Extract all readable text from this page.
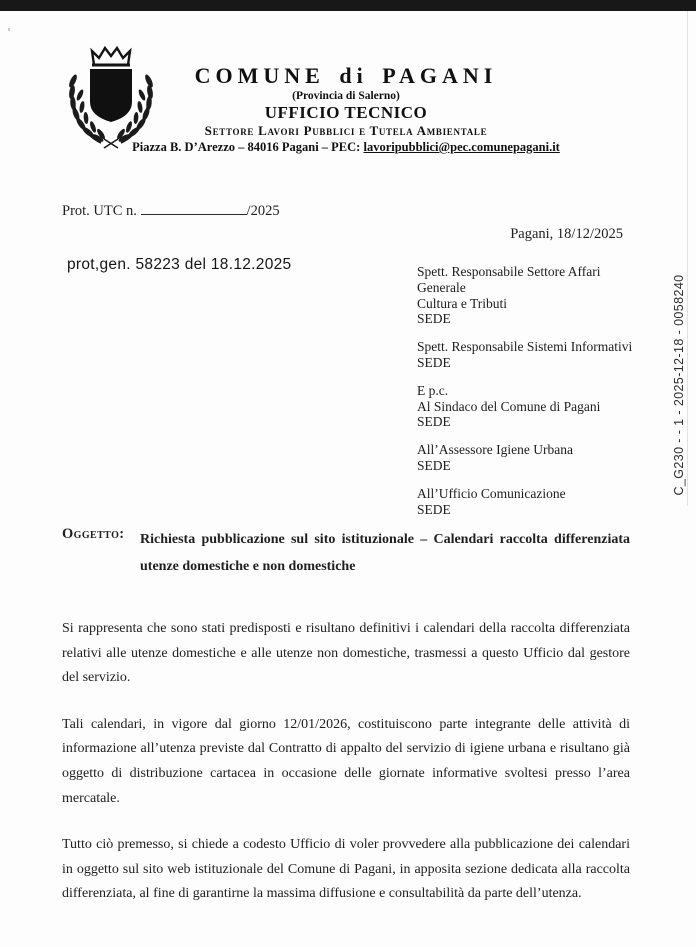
COMUNE di PAGANI
(Provincia di Salerno)
UFFICIO TECNICO
Settore Lavori Pubblici e Tutela Ambientale
Piazza B. D’Arezzo – 84016 Pagani – PEC: lavoripubblici@pec.comunepagani.it
Prot. UTC n.	/2025
Pagani, 18/12/2025
prot,gen. 58223 del 18.12.2025	Spett. Responsabile Settore Affari Generale
Cultura e Tributi
SEDE
Spett. Responsabile Sistemi Informativi
SEDE
E p.c.
Al Sindaco del Comune di Pagani
SEDE
All’Assessore Igiene Urbana
SEDE
All’Ufficio Comunicazione
SEDE
C_G230 - - 1 - 2025-12-18 - 0058240
Oggetto: Richiesta pubblicazione sul sito istituzionale – Calendari raccolta differenziata utenze domestiche e non domestiche

Si rappresenta che sono stati predisposti e risultano definitivi i calendari della raccolta differenziata relativi alle utenze domestiche e alle utenze non domestiche, trasmessi a questo Ufficio dal gestore del servizio.

Tali calendari, in vigore dal giorno 12/01/2026, costituiscono parte integrante delle attività di informazione all’utenza previste dal Contratto di appalto del servizio di igiene urbana e risultano già oggetto di distribuzione cartacea in occasione delle giornate informative svoltesi presso l’area mercatale.

Tutto ciò premesso, si chiede a codesto Ufficio di voler provvedere alla pubblicazione dei calendari in oggetto sul sito web istituzionale del Comune di Pagani, in apposita sezione dedicata alla raccolta differenziata, al fine di garantirne la massima diffusione e consultabilità da parte dell’utenza.
